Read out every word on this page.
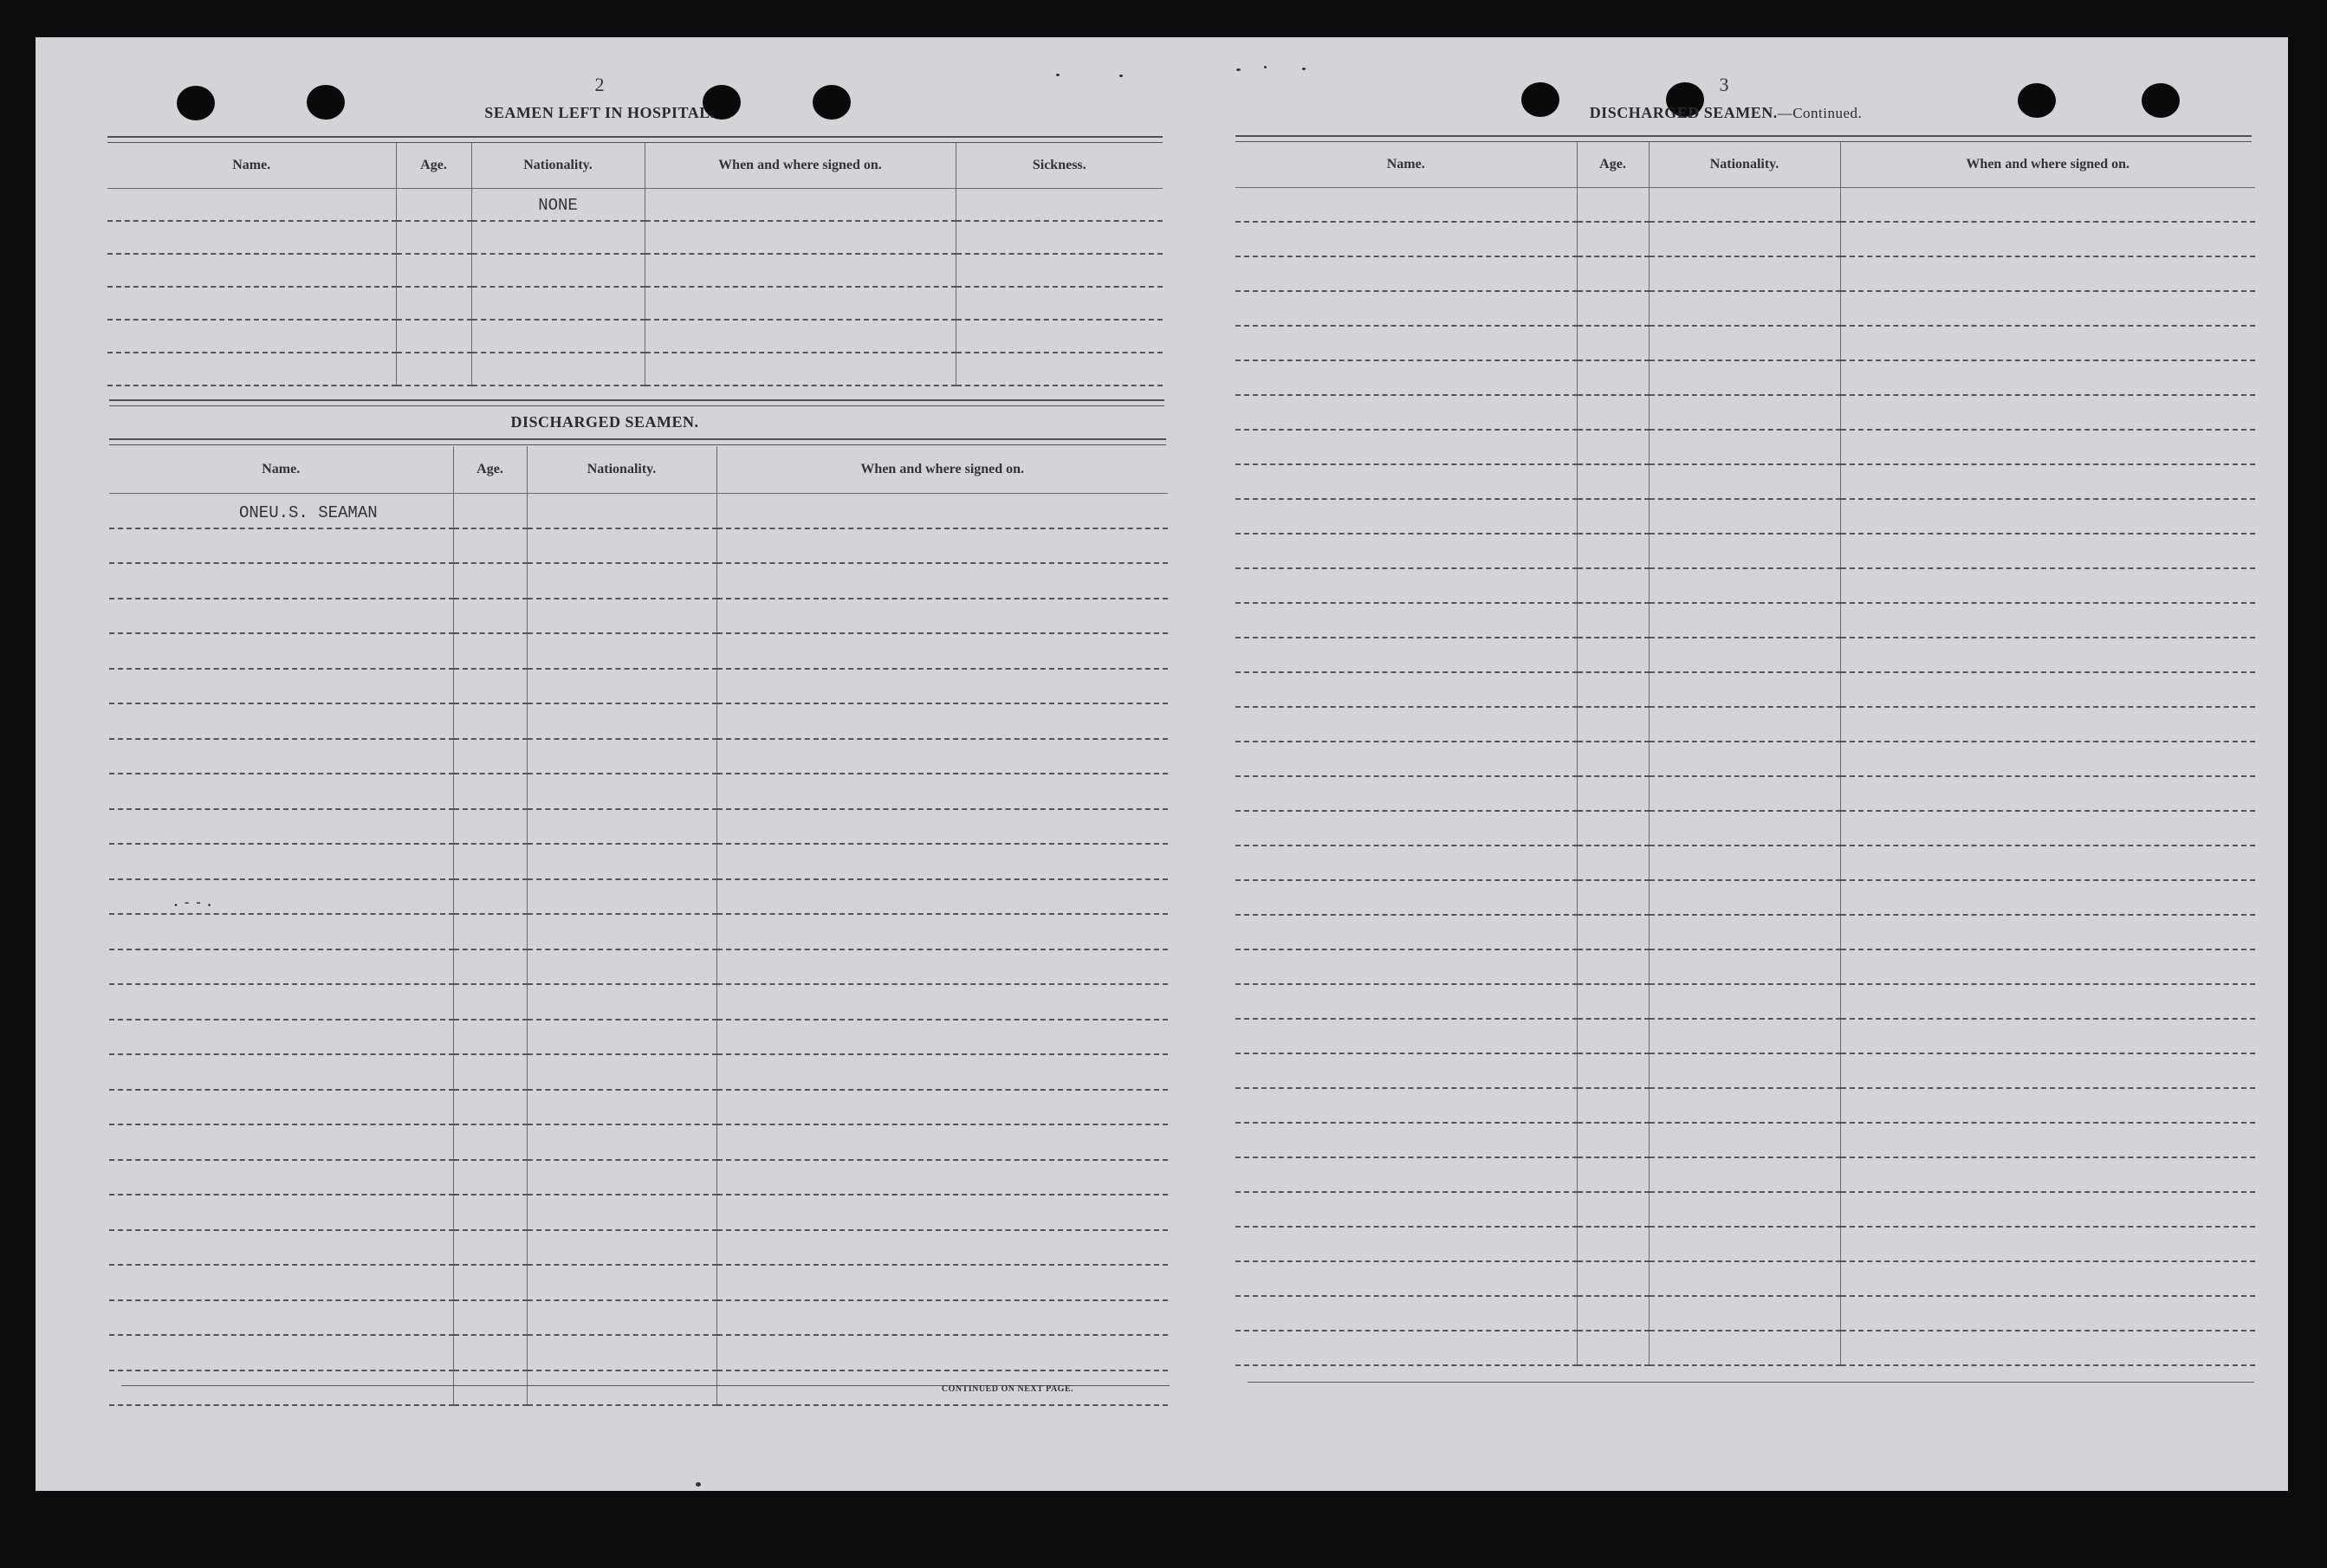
2
SEAMEN LEFT IN HOSPITAL.
Name.	Age.	Nationality.	When and where signed on.	Sickness.

		NONE		

DISCHARGED SEAMEN.
Name.	Age.	Nationality.	When and where signed on.

ONEU.S. SEAMAN			

. - - .
CONTINUED ON NEXT PAGE.
3
DISCHARGED SEAMEN.—Continued.
Name.	Age.	Nationality.	When and where signed on.
